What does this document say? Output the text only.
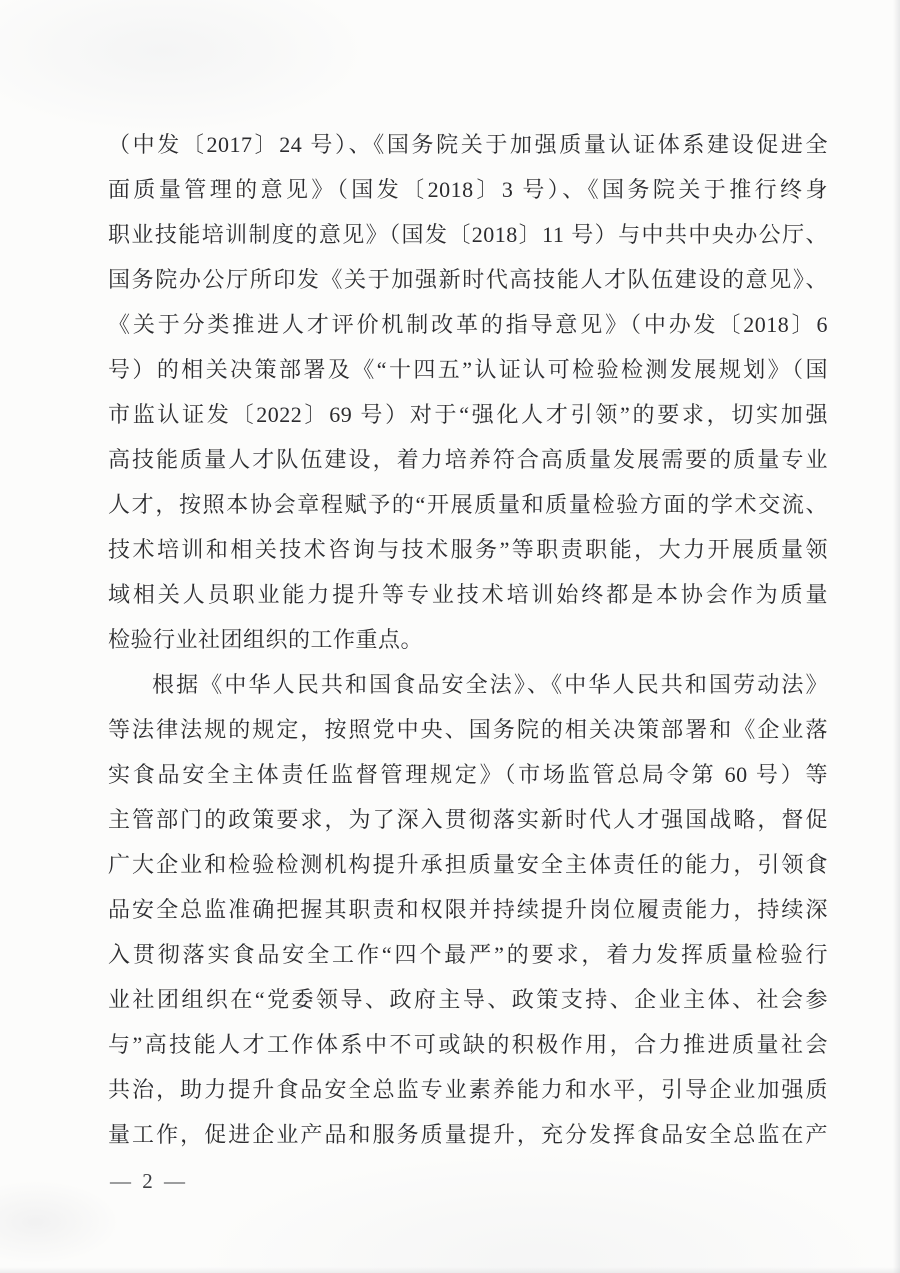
（中发〔2017〕24 号）、《国务院关于加强质量认证体系建设促进全
面质量管理的意见》（国发〔2018〕3 号）、《国务院关于推行终身
职业技能培训制度的意见》（国发〔2018〕11 号）与中共中央办公厅、
国务院办公厅所印发《关于加强新时代高技能人才队伍建设的意见》、
《关于分类推进人才评价机制改革的指导意见》（中办发〔2018〕6
号）的相关决策部署及《“十四五”认证认可检验检测发展规划》（国
市监认证发〔2022〕69 号）对于“强化人才引领”的要求，切实加强
高技能质量人才队伍建设，着力培养符合高质量发展需要的质量专业
人才，按照本协会章程赋予的“开展质量和质量检验方面的学术交流、
技术培训和相关技术咨询与技术服务”等职责职能，大力开展质量领
域相关人员职业能力提升等专业技术培训始终都是本协会作为质量
检验行业社团组织的工作重点。
根据《中华人民共和国食品安全法》、《中华人民共和国劳动法》
等法律法规的规定，按照党中央、国务院的相关决策部署和《企业落
实食品安全主体责任监督管理规定》（市场监管总局令第 60 号）等
主管部门的政策要求，为了深入贯彻落实新时代人才强国战略，督促
广大企业和检验检测机构提升承担质量安全主体责任的能力，引领食
品安全总监准确把握其职责和权限并持续提升岗位履责能力，持续深
入贯彻落实食品安全工作“四个最严”的要求，着力发挥质量检验行
业社团组织在“党委领导、政府主导、政策支持、企业主体、社会参
与”高技能人才工作体系中不可或缺的积极作用，合力推进质量社会
共治，助力提升食品安全总监专业素养能力和水平，引导企业加强质
量工作，促进企业产品和服务质量提升，充分发挥食品安全总监在产
— 2 —
